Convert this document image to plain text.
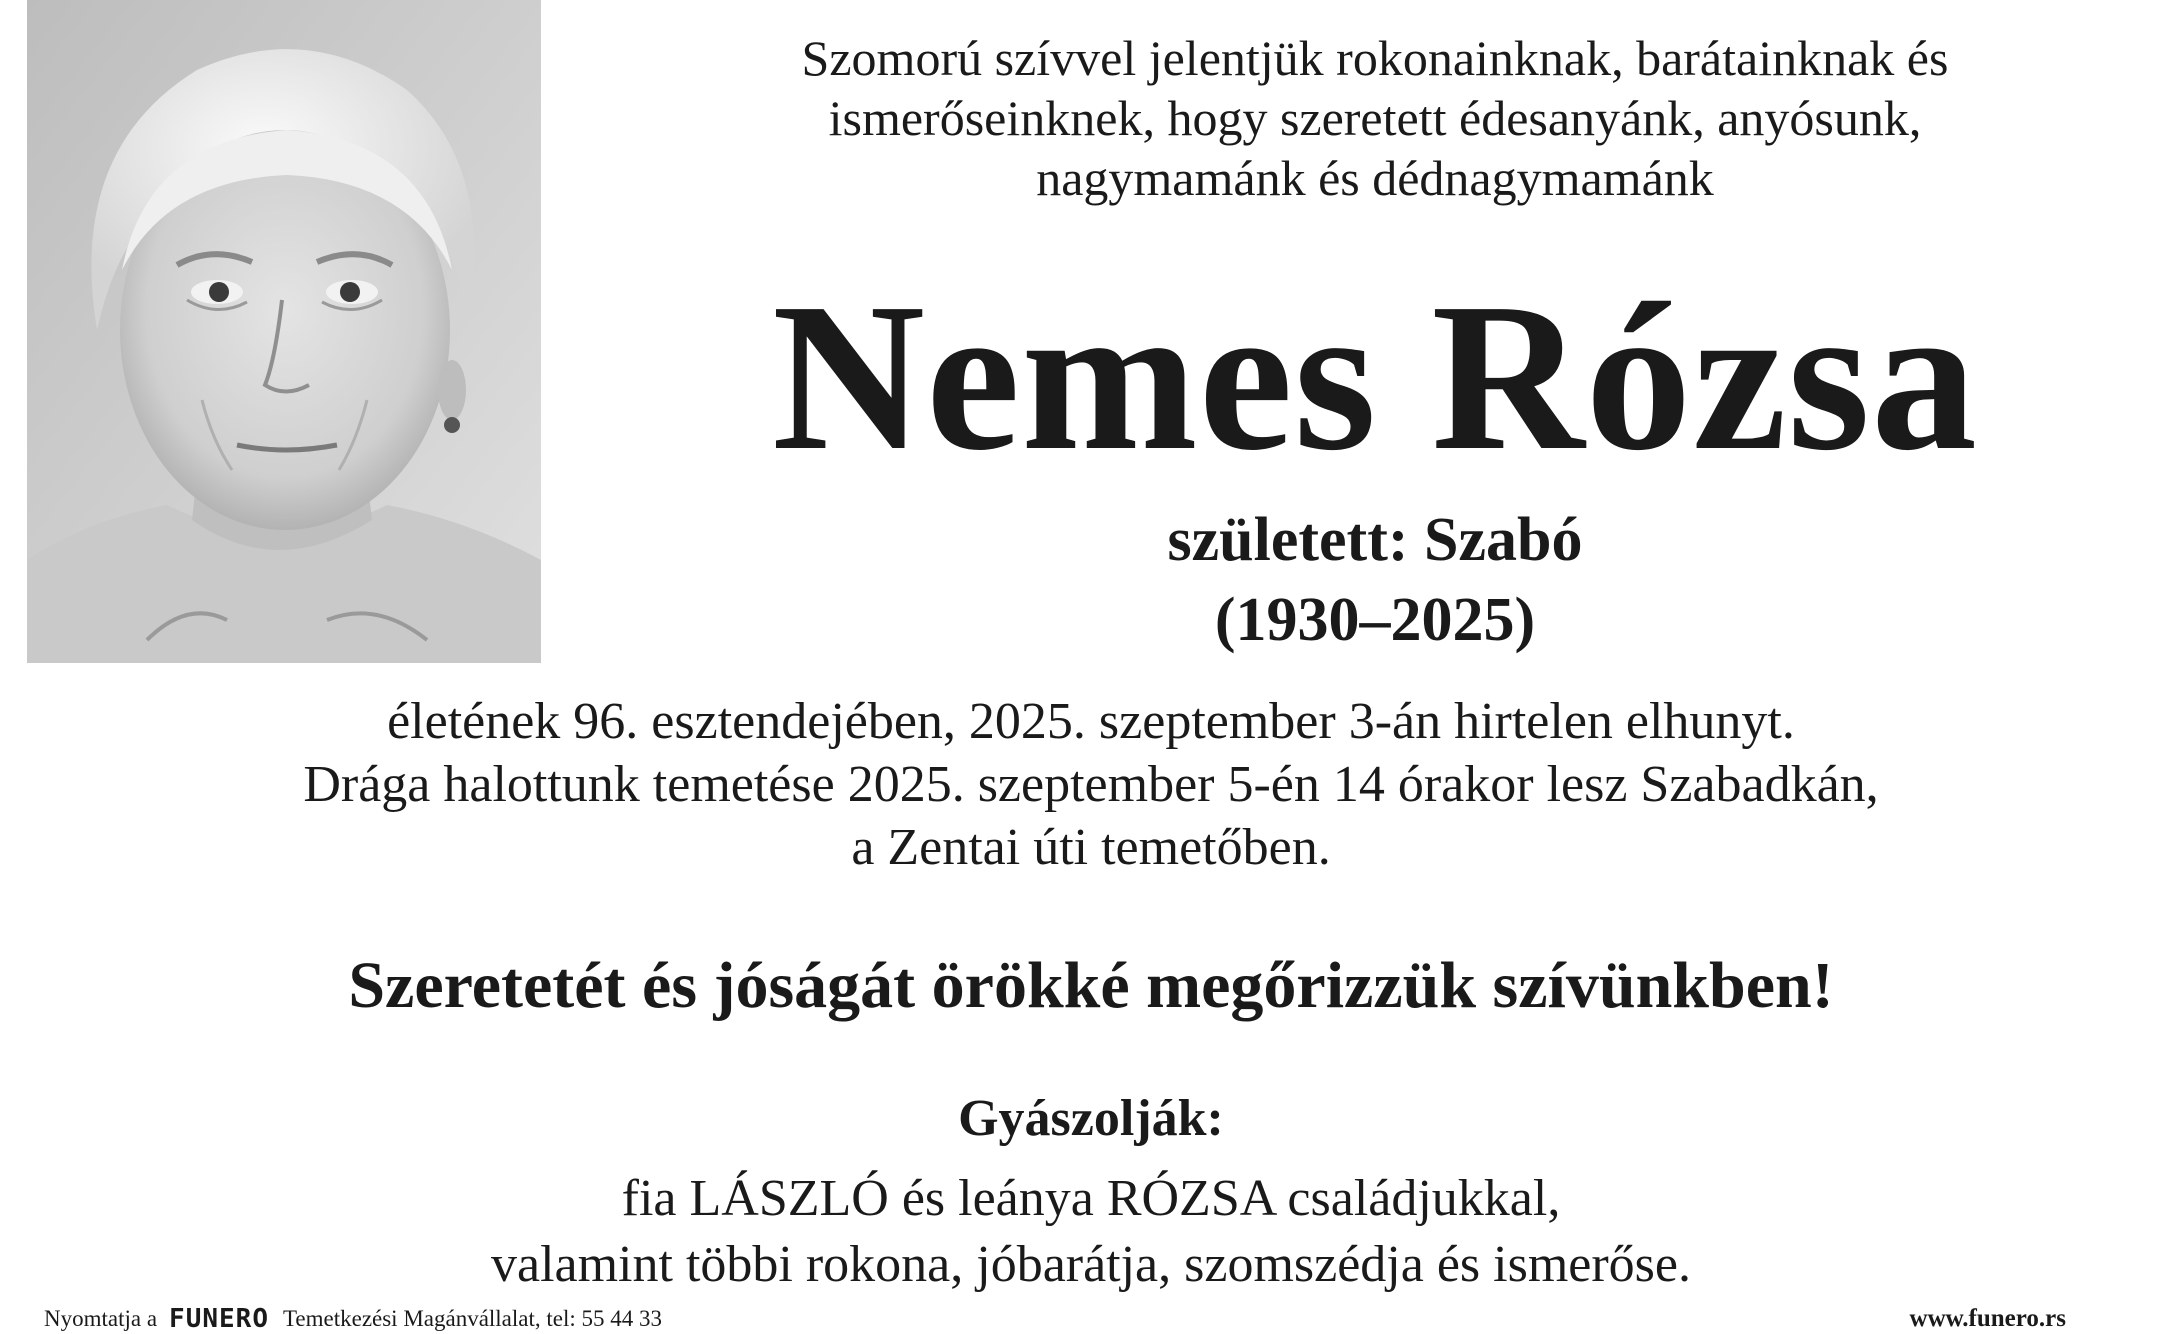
Szomorú szívvel jelentjük rokonainknak, barátainknak és
ismerőseinknek, hogy szeretett édesanyánk, anyósunk,
nagymamánk és dédnagymamánk
Nemes Rózsa
született: Szabó
(1930–2025)
életének 96. esztendejében, 2025. szeptember 3-án hirtelen elhunyt.
Drága halottunk temetése 2025. szeptember 5-én 14 órakor lesz Szabadkán,
a Zentai úti temetőben.
Szeretetét és jóságát örökké megőrizzük szívünkben!
Gyászolják:
fia LÁSZLÓ és leánya RÓZSA családjukkal,
valamint többi rokona, jóbarátja, szomszédja és ismerőse.
Nyomtatja a FUNERO Temetkezési Magánvállalat, tel: 55 44 33	www.funero.rs
